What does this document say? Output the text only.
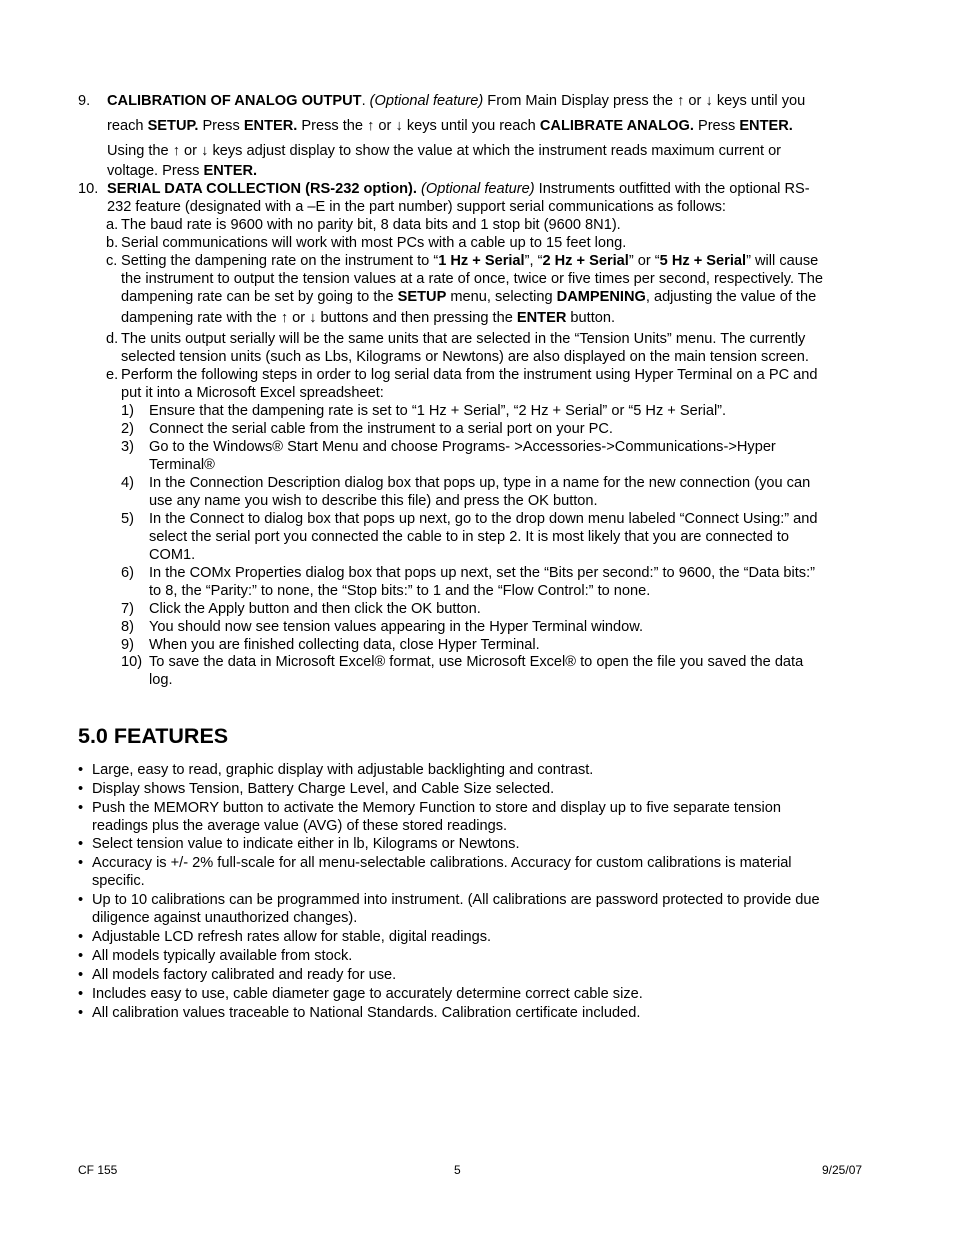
9. CALIBRATION OF ANALOG OUTPUT. (Optional feature) From Main Display press the ↑ or ↓ keys until you
reach SETUP. Press ENTER. Press the ↑ or ↓ keys until you reach CALIBRATE ANALOG. Press ENTER.
Using the ↑ or ↓ keys adjust display to show the value at which the instrument reads maximum current or
voltage. Press ENTER.
10. SERIAL DATA COLLECTION (RS-232 option). (Optional feature) Instruments outfitted with the optional RS-
232 feature (designated with a –E in the part number) support serial communications as follows:
a. The baud rate is 9600 with no parity bit, 8 data bits and 1 stop bit (9600 8N1).
b. Serial communications will work with most PCs with a cable up to 15 feet long.
c. Setting the dampening rate on the instrument to “1 Hz + Serial”, “2 Hz + Serial” or “5 Hz + Serial” will cause
the instrument to output the tension values at a rate of once, twice or five times per second, respectively. The
dampening rate can be set by going to the SETUP menu, selecting DAMPENING, adjusting the value of the
dampening rate with the ↑ or ↓ buttons and then pressing the ENTER button.
d. The units output serially will be the same units that are selected in the “Tension Units” menu. The currently
selected tension units (such as Lbs, Kilograms or Newtons) are also displayed on the main tension screen.
e. Perform the following steps in order to log serial data from the instrument using Hyper Terminal on a PC and
put it into a Microsoft Excel spreadsheet:
1) Ensure that the dampening rate is set to “1 Hz + Serial”, “2 Hz + Serial” or “5 Hz + Serial”.
2) Connect the serial cable from the instrument to a serial port on your PC.
3) Go to the Windows® Start Menu and choose Programs- >Accessories->Communications->Hyper
Terminal®
4) In the Connection Description dialog box that pops up, type in a name for the new connection (you can
use any name you wish to describe this file) and press the OK button.
5) In the Connect to dialog box that pops up next, go to the drop down menu labeled “Connect Using:” and
select the serial port you connected the cable to in step 2. It is most likely that you are connected to
COM1.
6) In the COMx Properties dialog box that pops up next, set the “Bits per second:” to 9600, the “Data bits:”
to 8, the “Parity:” to none, the “Stop bits:” to 1 and the “Flow Control:” to none.
7) Click the Apply button and then click the OK button.
8) You should now see tension values appearing in the Hyper Terminal window.
9) When you are finished collecting data, close Hyper Terminal.
10) To save the data in Microsoft Excel® format, use Microsoft Excel® to open the file you saved the data
log.
5.0 FEATURES
• Large, easy to read, graphic display with adjustable backlighting and contrast.
• Display shows Tension, Battery Charge Level, and Cable Size selected.
• Push the MEMORY button to activate the Memory Function to store and display up to five separate tension
readings plus the average value (AVG) of these stored readings.
• Select tension value to indicate either in lb, Kilograms or Newtons.
• Accuracy is +/- 2% full-scale for all menu-selectable calibrations. Accuracy for custom calibrations is material
specific.
• Up to 10 calibrations can be programmed into instrument. (All calibrations are password protected to provide due
diligence against unauthorized changes).
• Adjustable LCD refresh rates allow for stable, digital readings.
• All models typically available from stock.
• All models factory calibrated and ready for use.
• Includes easy to use, cable diameter gage to accurately determine correct cable size.
• All calibration values traceable to National Standards. Calibration certificate included.
CF 155	5	9/25/07
